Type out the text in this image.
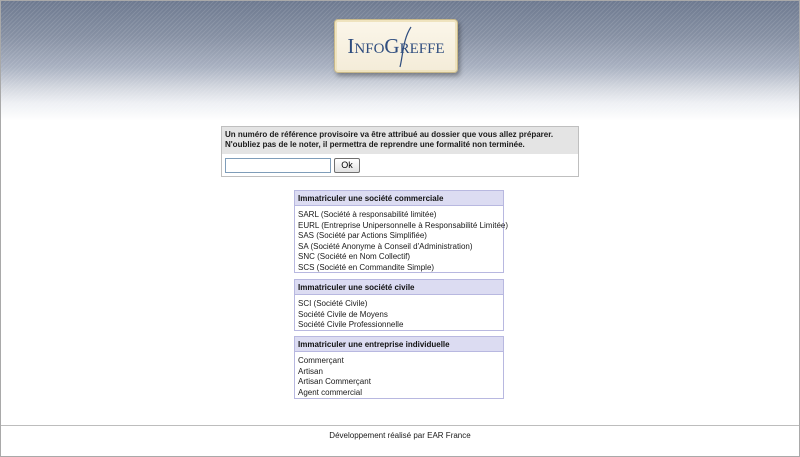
InfoGreffe
Un numéro de référence provisoire va être attribué au dossier que vous allez préparer.
N'oubliez pas de le noter, il permettra de reprendre une formalité non terminée.
Ok
Immatriculer une société commerciale
SARL (Société à responsabilité limitée)
EURL (Entreprise Unipersonnelle à Responsabilité Limitée)
SAS (Société par Actions Simplifiée)
SA (Société Anonyme à Conseil d'Administration)
SNC (Société en Nom Collectif)
SCS (Société en Commandite Simple)
Immatriculer une société civile
SCI (Société Civile)
Société Civile de Moyens
Société Civile Professionnelle
Immatriculer une entreprise individuelle
Commerçant
Artisan
Artisan Commerçant
Agent commercial
Développement réalisé par EAR France
